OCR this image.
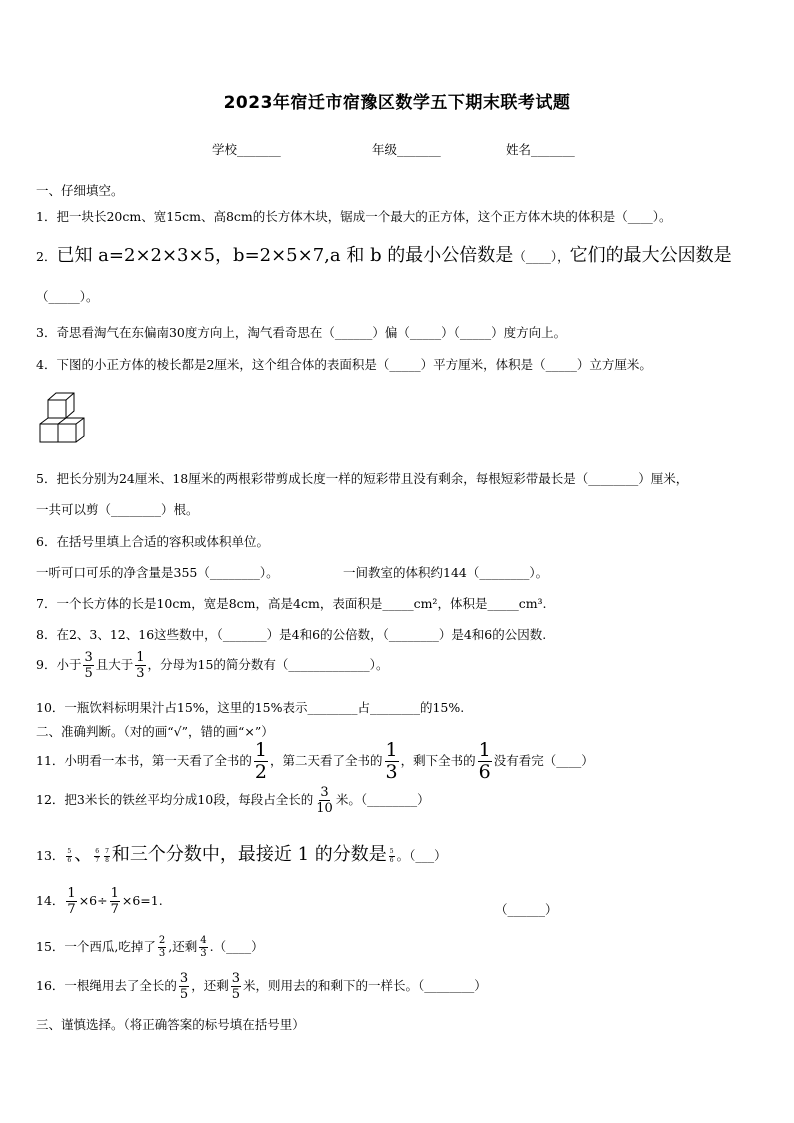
2023年宿迁市宿豫区数学五下期末联考试题
学校_______	年级_______	姓名_______
一、仔细填空。
1．把一块长20cm、宽15cm、高8cm的长方体木块，锯成一个最大的正方体，这个正方体木块的体积是（____）。
2．已知 a=2×2×3×5，b=2×5×7,a 和 b 的最小公倍数是（____），它们的最大公因数是
（_____）。
3．奇思看淘气在东偏南30度方向上，淘气看奇思在（______）偏（_____）（_____）度方向上。
4．下图的小正方体的棱长都是2厘米，这个组合体的表面积是（_____）平方厘米，体积是（_____）立方厘米。
5．把长分别为24厘米、18厘米的两根彩带剪成长度一样的短彩带且没有剩余，每根短彩带最长是（________）厘米，
一共可以剪（________）根。
6．在括号里填上合适的容积或体积单位。
一听可口可乐的净含量是355（________）。	一间教室的体积约144（________）。
7．一个长方体的长是10cm，宽是8cm，高是4cm，表面积是_____cm²，体积是_____cm³.
8．在2、3、12、16这些数中，（_______）是4和6的公倍数，（________）是4和6的公因数.
9．小于 $\frac{3}{5}$ 且大于 $\frac{1}{3}$ ，分母为15的简分数有（_____________）。
10．一瓶饮料标明果汁占15%，这里的15%表示________占________的15%.
二、准确判断。（对的画“√”，错的画“×”）
11．小明看一本书，第一天看了全书的 $\frac{1}{2}$ ，第二天看了全书的 $\frac{1}{3}$ ，剩下全书的 $\frac{1}{6}$ 没有看完（____）
12．把3米长的铁丝平均分成10段，每段占全长的 $\frac{3}{10}$ 米。（________）
13． $\frac{5}{6}$ 、 $\frac{6}{7} \frac{7}{8}$ 和三个分数中，最接近 1 的分数是 $\frac{5}{6}$ 。（___）
14． $\frac{1}{7} \times 6\div \frac{1}{7} \times 6=1$.
（______）
15．一个西瓜,吃掉了 $\frac{2}{3}$ ,还剩 $\frac{4}{3}$ .（____）
16．一根绳用去了全长的 $\frac{3}{5}$ ，还剩 $\frac{3}{5}$ 米，则用去的和剩下的一样长。（________）
三、谨慎选择。（将正确答案的标号填在括号里）
